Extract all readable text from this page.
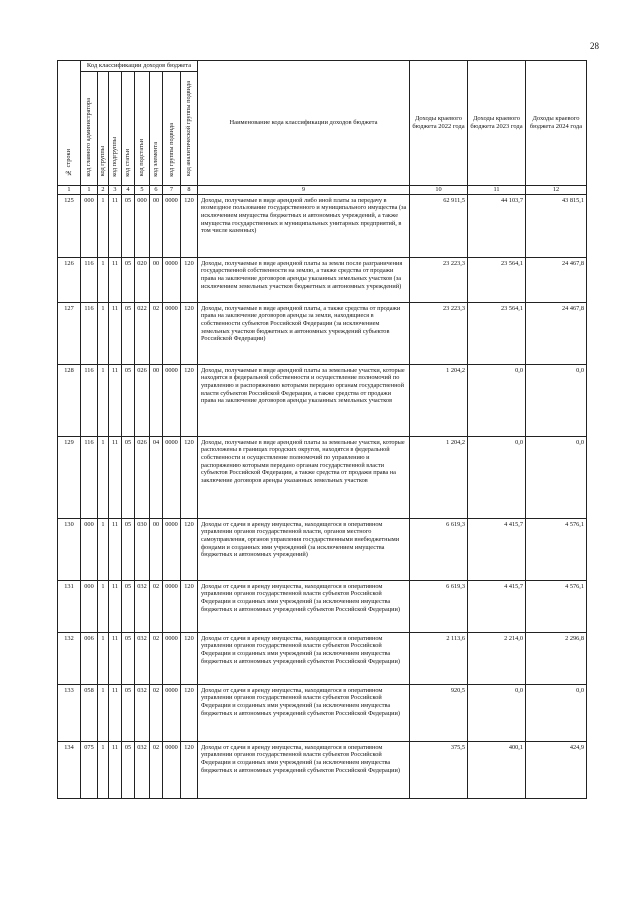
28
№ строки	Код классификации доходов бюджета								Наименование кода классификации доходов бюджета	Доходы краевого бюджета 2022 года	Доходы краевого бюджета 2023 года	Доходы краевого бюджета 2024 года
	код главного администратора	код группы	код подгруппы	код статьи	код подстатьи	код элемента	код группы подвида	код аналитической группы подвида				
1	1	2	3	4	5	6	7	8	9	10	11	12
125	000	1	11	05	000	00	0000	120	Доходы, получаемые в виде арендной либо иной платы за передачу в возмездное пользование государственного и муниципального имущества (за исключением имущества бюджетных и автономных учреждений, а также имущества государственных и муниципальных унитарных предприятий, в том числе казенных)	62 911,5	44 103,7	43 815,1
126	116	1	11	05	020	00	0000	120	Доходы, получаемые в виде арендной платы за земли после разграничения государственной собственности на землю, а также средства от продажи права на заключение договоров аренды указанных земельных участков (за исключением земельных участков бюджетных и автономных учреждений)	23 223,3	23 564,1	24 467,8
127	116	1	11	05	022	02	0000	120	Доходы, получаемые в виде арендной платы, а также средства от продажи права на заключение договоров аренды за земли, находящиеся в собственности субъектов Российской Федерации (за исключением земельных участков бюджетных и автономных учреждений субъектов Российской Федерации)	23 223,3	23 564,1	24 467,8
128	116	1	11	05	026	00	0000	120	Доходы, получаемые в виде арендной платы за земельные участки, которые находятся в федеральной собственности и осуществление полномочий по управлению и распоряжению которыми передано органам государственной власти субъектов Российской Федерации, а также средства от продажи права на заключение договоров аренды указанных земельных участков	1 204,2	0,0	0,0
129	116	1	11	05	026	04	0000	120	Доходы, получаемые в виде арендной платы за земельные участки, которые расположены в границах городских округов, находятся в федеральной собственности и осуществление полномочий по управлению и распоряжению которыми передано органам государственной власти субъектов Российской Федерации, а также средства от продажи права на заключение договоров аренды указанных земельных участков	1 204,2	0,0	0,0
130	000	1	11	05	030	00	0000	120	Доходы от сдачи в аренду имущества, находящегося в оперативном управлении органов государственной власти, органов местного самоуправления, органов управления государственными внебюджетными фондами и созданных ими учреждений (за исключением имущества бюджетных и автономных учреждений)	6 619,3	4 415,7	4 576,1
131	000	1	11	05	032	02	0000	120	Доходы от сдачи в аренду имущества, находящегося в оперативном управлении органов государственной власти субъектов Российской Федерации и созданных ими учреждений (за исключением имущества бюджетных и автономных учреждений субъектов Российской Федерации)	6 619,3	4 415,7	4 576,1
132	006	1	11	05	032	02	0000	120	Доходы от сдачи в аренду имущества, находящегося в оперативном управлении органов государственной власти субъектов Российской Федерации и созданных ими учреждений (за исключением имущества бюджетных и автономных учреждений субъектов Российской Федерации)	2 113,6	2 214,0	2 296,8
133	058	1	11	05	032	02	0000	120	Доходы от сдачи в аренду имущества, находящегося в оперативном управлении органов государственной власти субъектов Российской Федерации и созданных ими учреждений (за исключением имущества бюджетных и автономных учреждений субъектов Российской Федерации)	920,5	0,0	0,0
134	075	1	11	05	032	02	0000	120	Доходы от сдачи в аренду имущества, находящегося в оперативном управлении органов государственной власти субъектов Российской Федерации и созданных ими учреждений (за исключением имущества бюджетных и автономных учреждений субъектов Российской Федерации)	375,5	400,1	424,9
